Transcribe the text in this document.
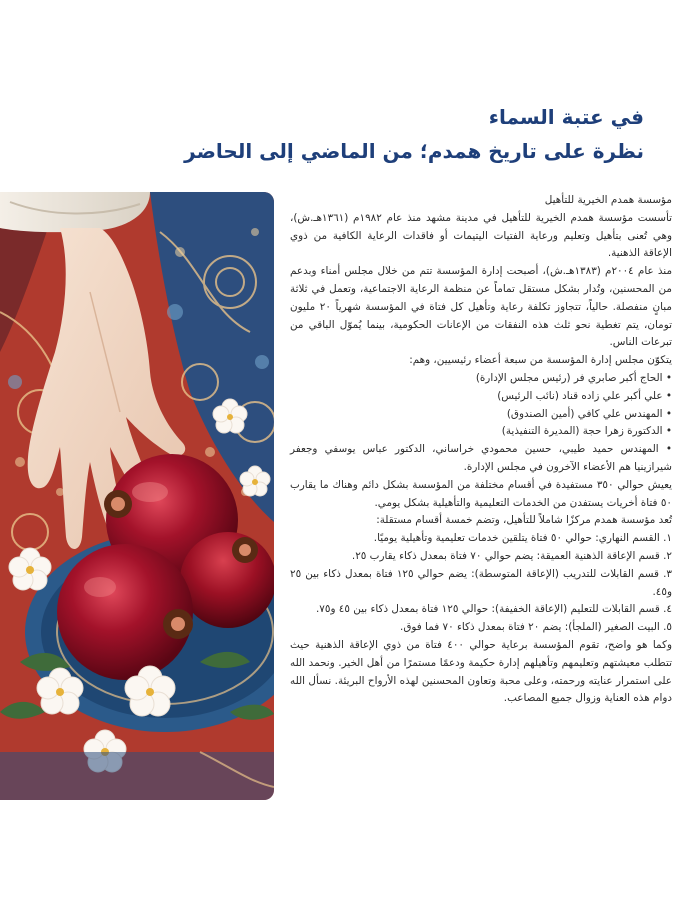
في عتبة السماء
نظرة على تاريخ همدم؛ من الماضي إلى الحاضر

مؤسسة همدم الخيرية للتأهيل

تأسست مؤسسة همدم الخيرية للتأهيل في مدينة مشهد منذ عام ١٩٨٢م (١٣٦١هـ.ش)، وهي تُعنى بتأهيل وتعليم ورعاية الفتيات اليتيمات أو فاقدات الرعاية الكافية من ذوي الإعاقة الذهنية.

منذ عام ٢٠٠٤م (١٣٨٣هـ.ش)، أصبحت إدارة المؤسسة تتم من خلال مجلس أمناء وبدعم من المحسنين، وتُدار بشكل مستقل تماماً عن منظمة الرعاية الاجتماعية، وتعمل في ثلاثة مبانٍ منفصلة. حالياً، تتجاوز تكلفة رعاية وتأهيل كل فتاة في المؤسسة شهرياً ٢٠ مليون تومان، يتم تغطية نحو ثلث هذه النفقات من الإعانات الحكومية، بينما يُموّل الباقي من تبرعات الناس.

يتكوّن مجلس إدارة المؤسسة من سبعة أعضاء رئيسيين، وهم:

• الحاج أكبر صابري فر (رئيس مجلس الإدارة)

• علي أكبر علي زاده قناد (نائب الرئيس)

• المهندس علي كافي (أمين الصندوق)

• الدكتورة زهرا حجة (المديرة التنفيذية)

• المهندس حميد طيبي، حسين محمودي خراساني، الدكتور عباس يوسفي وجعفر شيرازينيا هم الأعضاء الآخرون في مجلس الإدارة.

يعيش حوالي ٣٥٠ مستفيدة في أقسام مختلفة من المؤسسة بشكل دائم وهناك ما يقارب ٥٠ فتاة أخريات يستفدن من الخدمات التعليمية والتأهيلية بشكل يومي.

تُعد مؤسسة همدم مركزًا شاملاً للتأهيل، وتضم خمسة أقسام مستقلة:

١. القسم النهاري: حوالي ٥٠ فتاة يتلقين خدمات تعليمية وتأهيلية يوميًا.

٢. قسم الإعاقة الذهنية العميقة: يضم حوالي ٧٠ فتاة بمعدل ذكاء يقارب ٢٥.

٣. قسم القابلات للتدريب (الإعاقة المتوسطة): يضم حوالي ١٢٥ فتاة بمعدل ذكاء بين ٢٥ و٤٥.

٤. قسم القابلات للتعليم (الإعاقة الخفيفة): حوالي ١٢٥ فتاة بمعدل ذكاء بين ٤٥ و٧٥.

٥. البيت الصغير (الملجأ): يضم ٢٠ فتاة بمعدل ذكاء ٧٠ فما فوق.

وكما هو واضح، تقوم المؤسسة برعاية حوالي ٤٠٠ فتاة من ذوي الإعاقة الذهنية حيث تتطلب معيشتهم وتعليمهم وتأهيلهم إدارة حكيمة ودعمًا مستمرًا من أهل الخير. ونحمد الله على استمرار عنايته ورحمته، وعلى محبة وتعاون المحسنين لهذه الأرواح البريئة. نسأل الله دوام هذه العناية وزوال جميع المصاعب.
